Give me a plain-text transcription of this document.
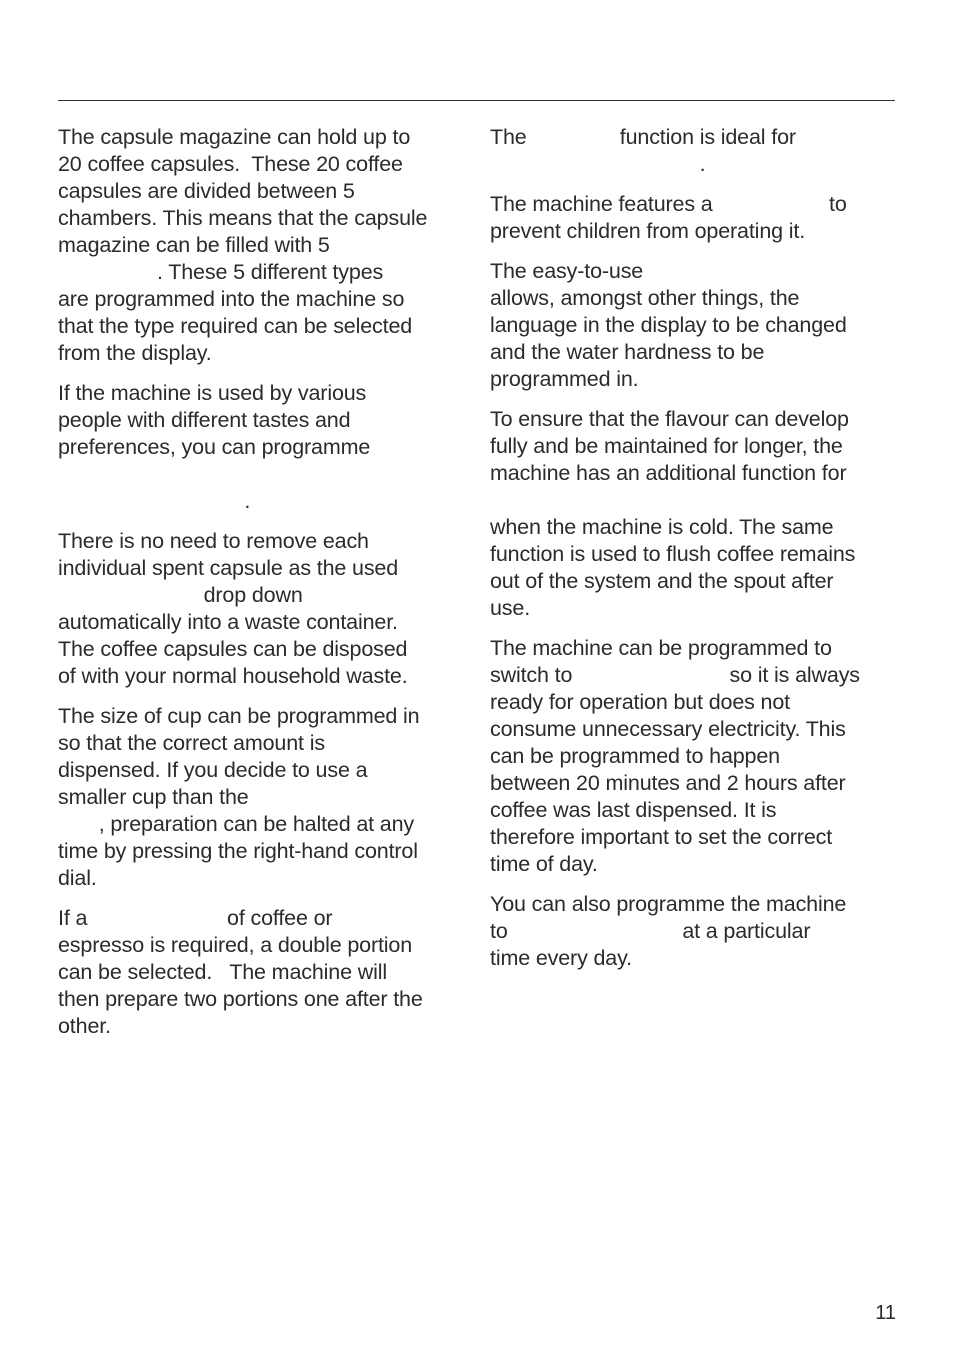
The capsule magazine can hold up to
20 coffee capsules.  These 20 coffee
capsules are divided between 5
chambers. This means that the capsule
magazine can be filled with 5
. These 5 different types
are programmed into the machine so
that the type required can be selected
from the display.
If the machine is used by various
people with different tastes and
preferences, you can programme
.
There is no need to remove each
individual spent capsule as the used
drop down
automatically into a waste container.
The coffee capsules can be disposed
of with your normal household waste.
The size of cup can be programmed in
so that the correct amount is
dispensed. If you decide to use a
smaller cup than the
, preparation can be halted at any
time by pressing the right-hand control
dial.
If a                        of coffee or
espresso is required, a double portion
can be selected.   The machine will
then prepare two portions one after the
other.
The                function is ideal for
.
The machine features a                    to
prevent children from operating it.
The easy-to-use
allows, amongst other things, the
language in the display to be changed
and the water hardness to be
programmed in.
To ensure that the flavour can develop
fully and be maintained for longer, the
machine has an additional function for
when the machine is cold. The same
function is used to flush coffee remains
out of the system and the spout after
use.
The machine can be programmed to
switch to                           so it is always
ready for operation but does not
consume unnecessary electricity. This
can be programmed to happen
between 20 minutes and 2 hours after
coffee was last dispensed. It is
therefore important to set the correct
time of day.
You can also programme the machine
to                              at a particular
time every day.
11
